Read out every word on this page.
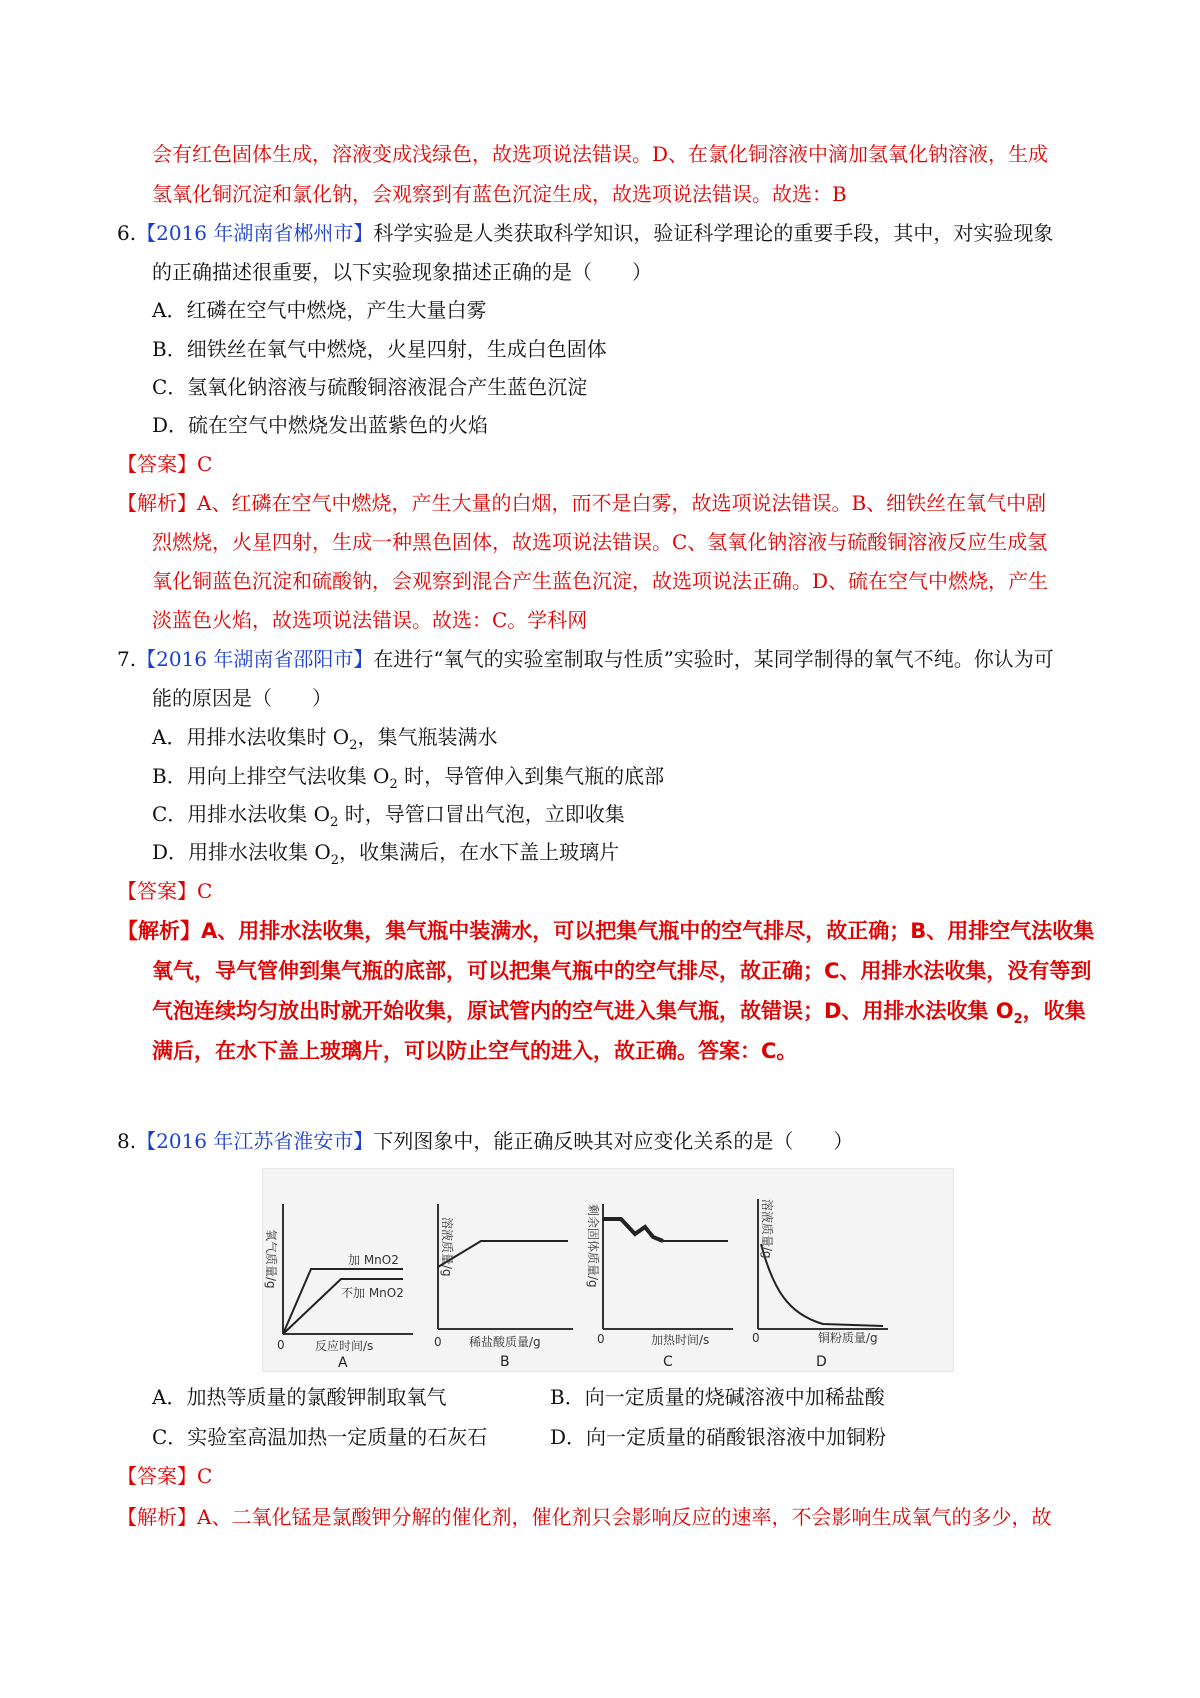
会有红色固体生成，溶液变成浅绿色，故选项说法错误。D、在氯化铜溶液中滴加氢氧化钠溶液，生成
氢氧化铜沉淀和氯化钠，会观察到有蓝色沉淀生成，故选项说法错误。故选：B
6.【2016 年湖南省郴州市】科学实验是人类获取科学知识，验证科学理论的重要手段，其中，对实验现象
的正确描述很重要，以下实验现象描述正确的是（　　）
A．红磷在空气中燃烧，产生大量白雾
B．细铁丝在氧气中燃烧，火星四射，生成白色固体
C．氢氧化钠溶液与硫酸铜溶液混合产生蓝色沉淀
D．硫在空气中燃烧发出蓝紫色的火焰
【答案】C
【解析】A、红磷在空气中燃烧，产生大量的白烟，而不是白雾，故选项说法错误。B、细铁丝在氧气中剧
烈燃烧，火星四射，生成一种黑色固体，故选项说法错误。C、氢氧化钠溶液与硫酸铜溶液反应生成氢
氧化铜蓝色沉淀和硫酸钠，会观察到混合产生蓝色沉淀，故选项说法正确。D、硫在空气中燃烧，产生
淡蓝色火焰，故选项说法错误。故选：C。学科网
7.【2016 年湖南省邵阳市】在进行“氧气的实验室制取与性质”实验时，某同学制得的氧气不纯。你认为可
能的原因是（　　）
A．用排水法收集时 $O_2$，集气瓶装满水
B．用向上排空气法收集 $O_2$ 时，导管伸入到集气瓶的底部
C．用排水法收集 $O_2$ 时，导管口冒出气泡，立即收集
D．用排水法收集 $O_2$，收集满后，在水下盖上玻璃片
【答案】C
【解析】A、用排水法收集，集气瓶中装满水，可以把集气瓶中的空气排尽，故正确；B、用排空气法收集
氧气，导气管伸到集气瓶的底部，可以把集气瓶中的空气排尽，故正确；C、用排水法收集，没有等到
气泡连续均匀放出时就开始收集，原试管内的空气进入集气瓶，故错误；D、用排水法收集 $O_2$，收集
满后，在水下盖上玻璃片，可以防止空气的进入，故正确。答案：C。
8.【2016 年江苏省淮安市】下列图象中，能正确反映其对应变化关系的是（　　）
氧气质量/g	加 MnO2
不加 MnO2
0	反应时间/s
A
溶液质量/g
0 稀盐酸质量/g
B
剩余固体质量/g
0	加热时间/s
C
溶液质量/g
0	铜粉质量/g
D
A．加热等质量的氯酸钾制取氧气	B．向一定质量的烧碱溶液中加稀盐酸
C．实验室高温加热一定质量的石灰石	D．向一定质量的硝酸银溶液中加铜粉
【答案】C
【解析】A、二氧化锰是氯酸钾分解的催化剂，催化剂只会影响反应的速率，不会影响生成氧气的多少，故
